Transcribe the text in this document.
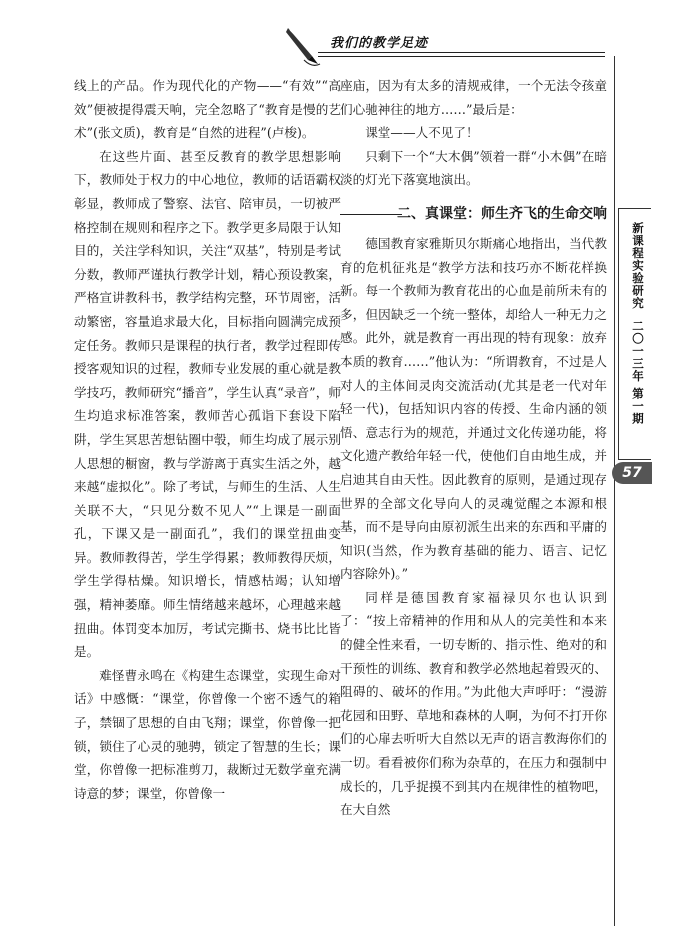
我们的教学足迹

线上的产品。作为现代化的产物——“有效”“高效”便被提得震天响，完全忽略了“教育是慢的艺术”(张文质)，教育是“自然的进程”(卢梭)。

在这些片面、甚至反教育的教学思想影响下，教师处于权力的中心地位，教师的话语霸权彰显，教师成了警察、法官、陪审员，一切被严格控制在规则和程序之下。教学更多局限于认知目的，关注学科知识，关注“双基”，特别是考试分数，教师严谨执行教学计划，精心预设教案，严格宣讲教科书，教学结构完整，环节周密，活动繁密，容量追求最大化，目标指向圆满完成预定任务。教师只是课程的执行者，教学过程即传授客观知识的过程，教师专业发展的重心就是教学技巧，教师研究“播音”，学生认真“录音”，师生均追求标准答案，教师苦心孤诣下套设下陷阱，学生冥思苦想钻圈中彀，师生均成了展示别人思想的橱窗，教与学游离于真实生活之外，越来越“虚拟化”。除了考试，与师生的生活、人生关联不大，“只见分数不见人”“上课是一副面孔，下课又是一副面孔”，我们的课堂扭曲变异。教师教得苦，学生学得累；教师教得厌烦，学生学得枯燥。知识增长，情感枯竭；认知增强，精神萎靡。师生情绪越来越坏，心理越来越扭曲。体罚变本加厉，考试完撕书、烧书比比皆是。

难怪曹永鸣在《构建生态课堂，实现生命对话》中感慨：“课堂，你曾像一个密不透气的箱子，禁锢了思想的自由飞翔；课堂，你曾像一把锁，锁住了心灵的驰骋，锁定了智慧的生长；课堂，你曾像一把标准剪刀，裁断过无数学童充满诗意的梦；课堂，你曾像一

座庙，因为有太多的清规戒律，一个无法令孩童们心驰神往的地方……”最后是：

课堂——人不见了！

只剩下一个“大木偶”领着一群“小木偶”在暗淡的灯光下落寞地演出。

二、真课堂：师生齐飞的生命交响

德国教育家雅斯贝尔斯痛心地指出，当代教育的危机征兆是“教学方法和技巧亦不断花样换新。每一个教师为教育花出的心血是前所未有的多，但因缺乏一个统一整体，却给人一种无力之感。此外，就是教育一再出现的特有现象：放弃本质的教育……”他认为：“所谓教育，不过是人对人的主体间灵肉交流活动(尤其是老一代对年轻一代)，包括知识内容的传授、生命内涵的领悟、意志行为的规范，并通过文化传递功能，将文化遗产教给年轻一代，使他们自由地生成，并启迪其自由天性。因此教育的原则，是通过现存世界的全部文化导向人的灵魂觉醒之本源和根基，而不是导向由原初派生出来的东西和平庸的知识(当然，作为教育基础的能力、语言、记忆内容除外)。”

同样是德国教育家福禄贝尔也认识到了：“按上帝精神的作用和从人的完美性和本来的健全性来看，一切专断的、指示性、绝对的和干预性的训练、教育和教学必然地起着毁灭的、阻碍的、破坏的作用。”为此他大声呼吁：“漫游花园和田野、草地和森林的人啊，为何不打开你们的心扉去听听大自然以无声的语言教海你们的一切。看看被你们称为杂草的，在压力和强制中成长的，几乎捉摸不到其内在规律性的植物吧，在大自然

新课程实验研究
二〇一三年 第一期
57
